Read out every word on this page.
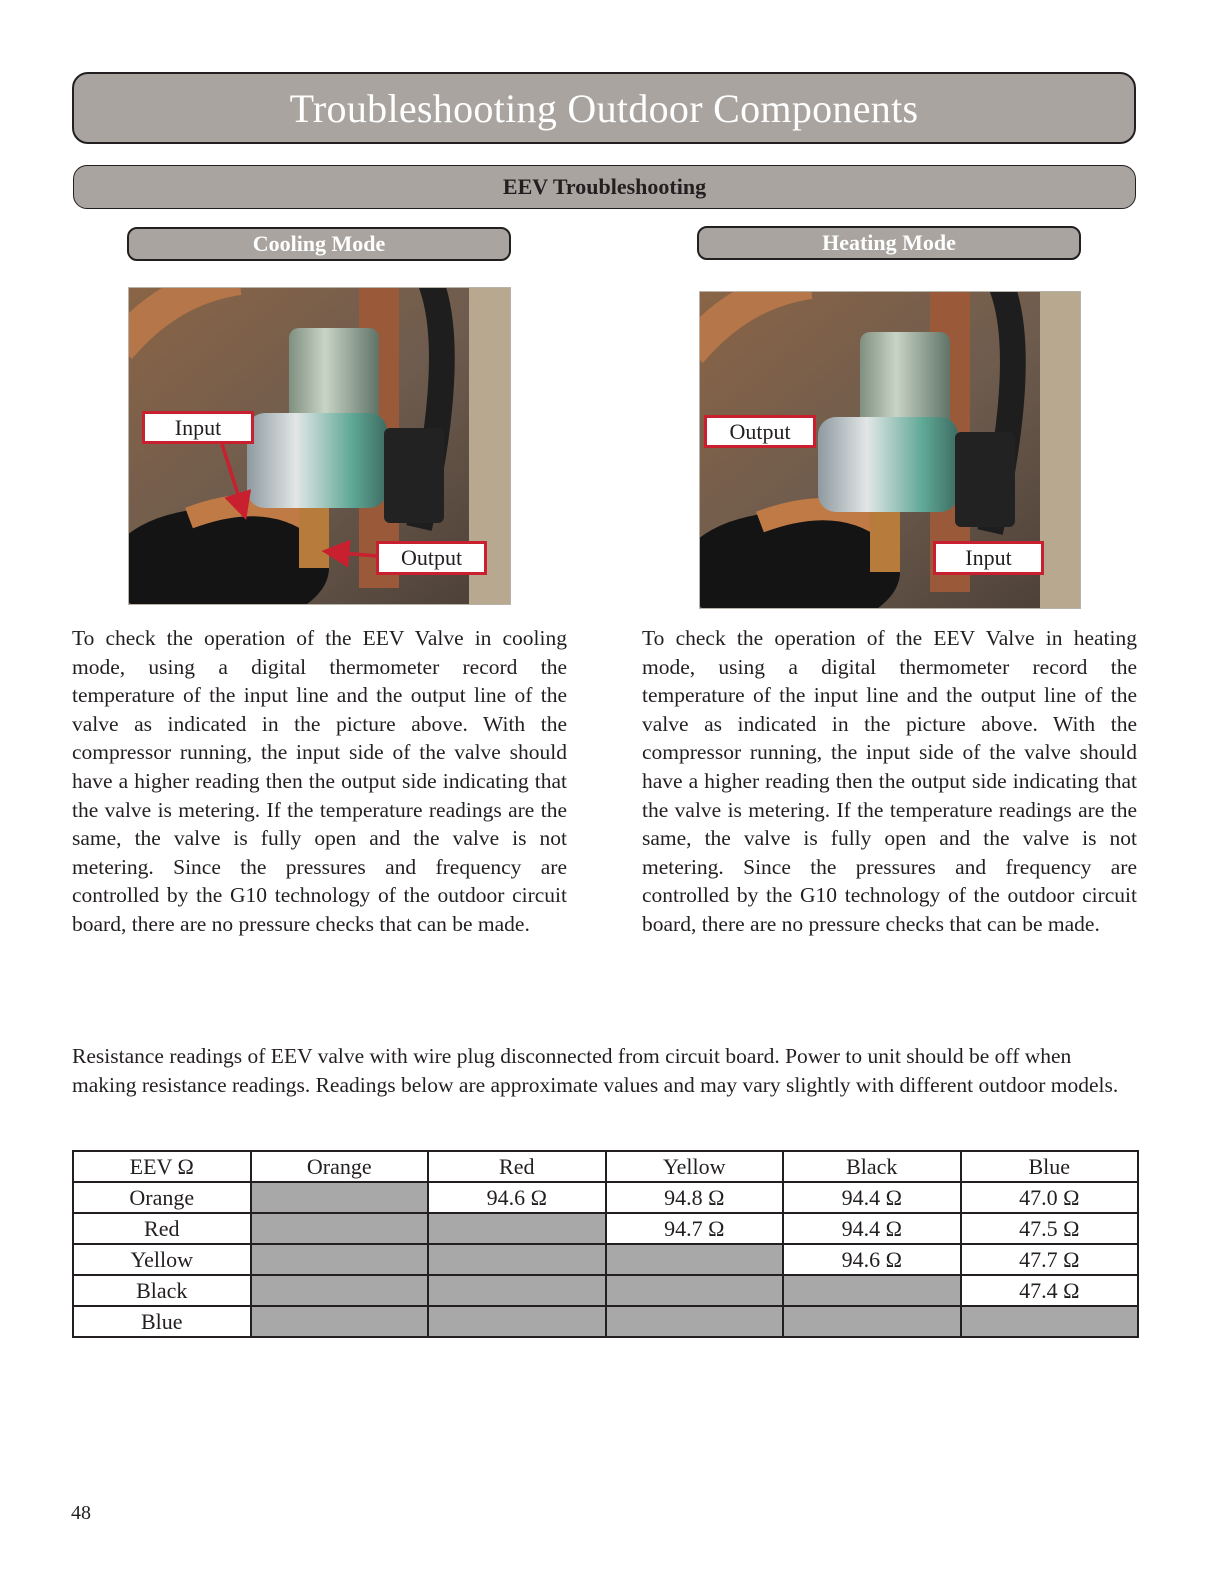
Troubleshooting Outdoor Components
EEV Troubleshooting
Cooling Mode
Input
Output

To check the operation of the EEV Valve in cooling mode, using a digital thermometer record the temperature of the input line and the output line of the valve as indicated in the picture above. With the compressor running, the input side of the valve should have a higher reading then the output side indicating that the valve is metering. If the temperature readings are the same, the valve is fully open and the valve is not metering. Since the pressures and frequency are controlled by the G10 technology of the outdoor circuit board, there are no pressure checks that can be made.

Heating Mode
Output
Input

To check the operation of the EEV Valve in heating mode, using a digital thermometer record the temperature of the input line and the output line of the valve as indicated in the picture above. With the compressor running, the input side of the valve should have a higher reading then the output side indicating that the valve is metering. If the temperature readings are the same, the valve is fully open and the valve is not metering. Since the pressures and frequency are controlled by the G10 technology of the outdoor circuit board, there are no pressure checks that can be made.

Resistance readings of EEV valve with wire plug disconnected from circuit board. Power to unit should be off when making resistance readings. Readings below are approximate values and may vary slightly with different outdoor models.

EEV Ω	Orange	Red	Yellow	Black	Blue
Orange		94.6 Ω	94.8 Ω	94.4 Ω	47.0 Ω
Red			94.7 Ω	94.4 Ω	47.5 Ω
Yellow				94.6 Ω	47.7 Ω
Black					47.4 Ω
Blue					
48
